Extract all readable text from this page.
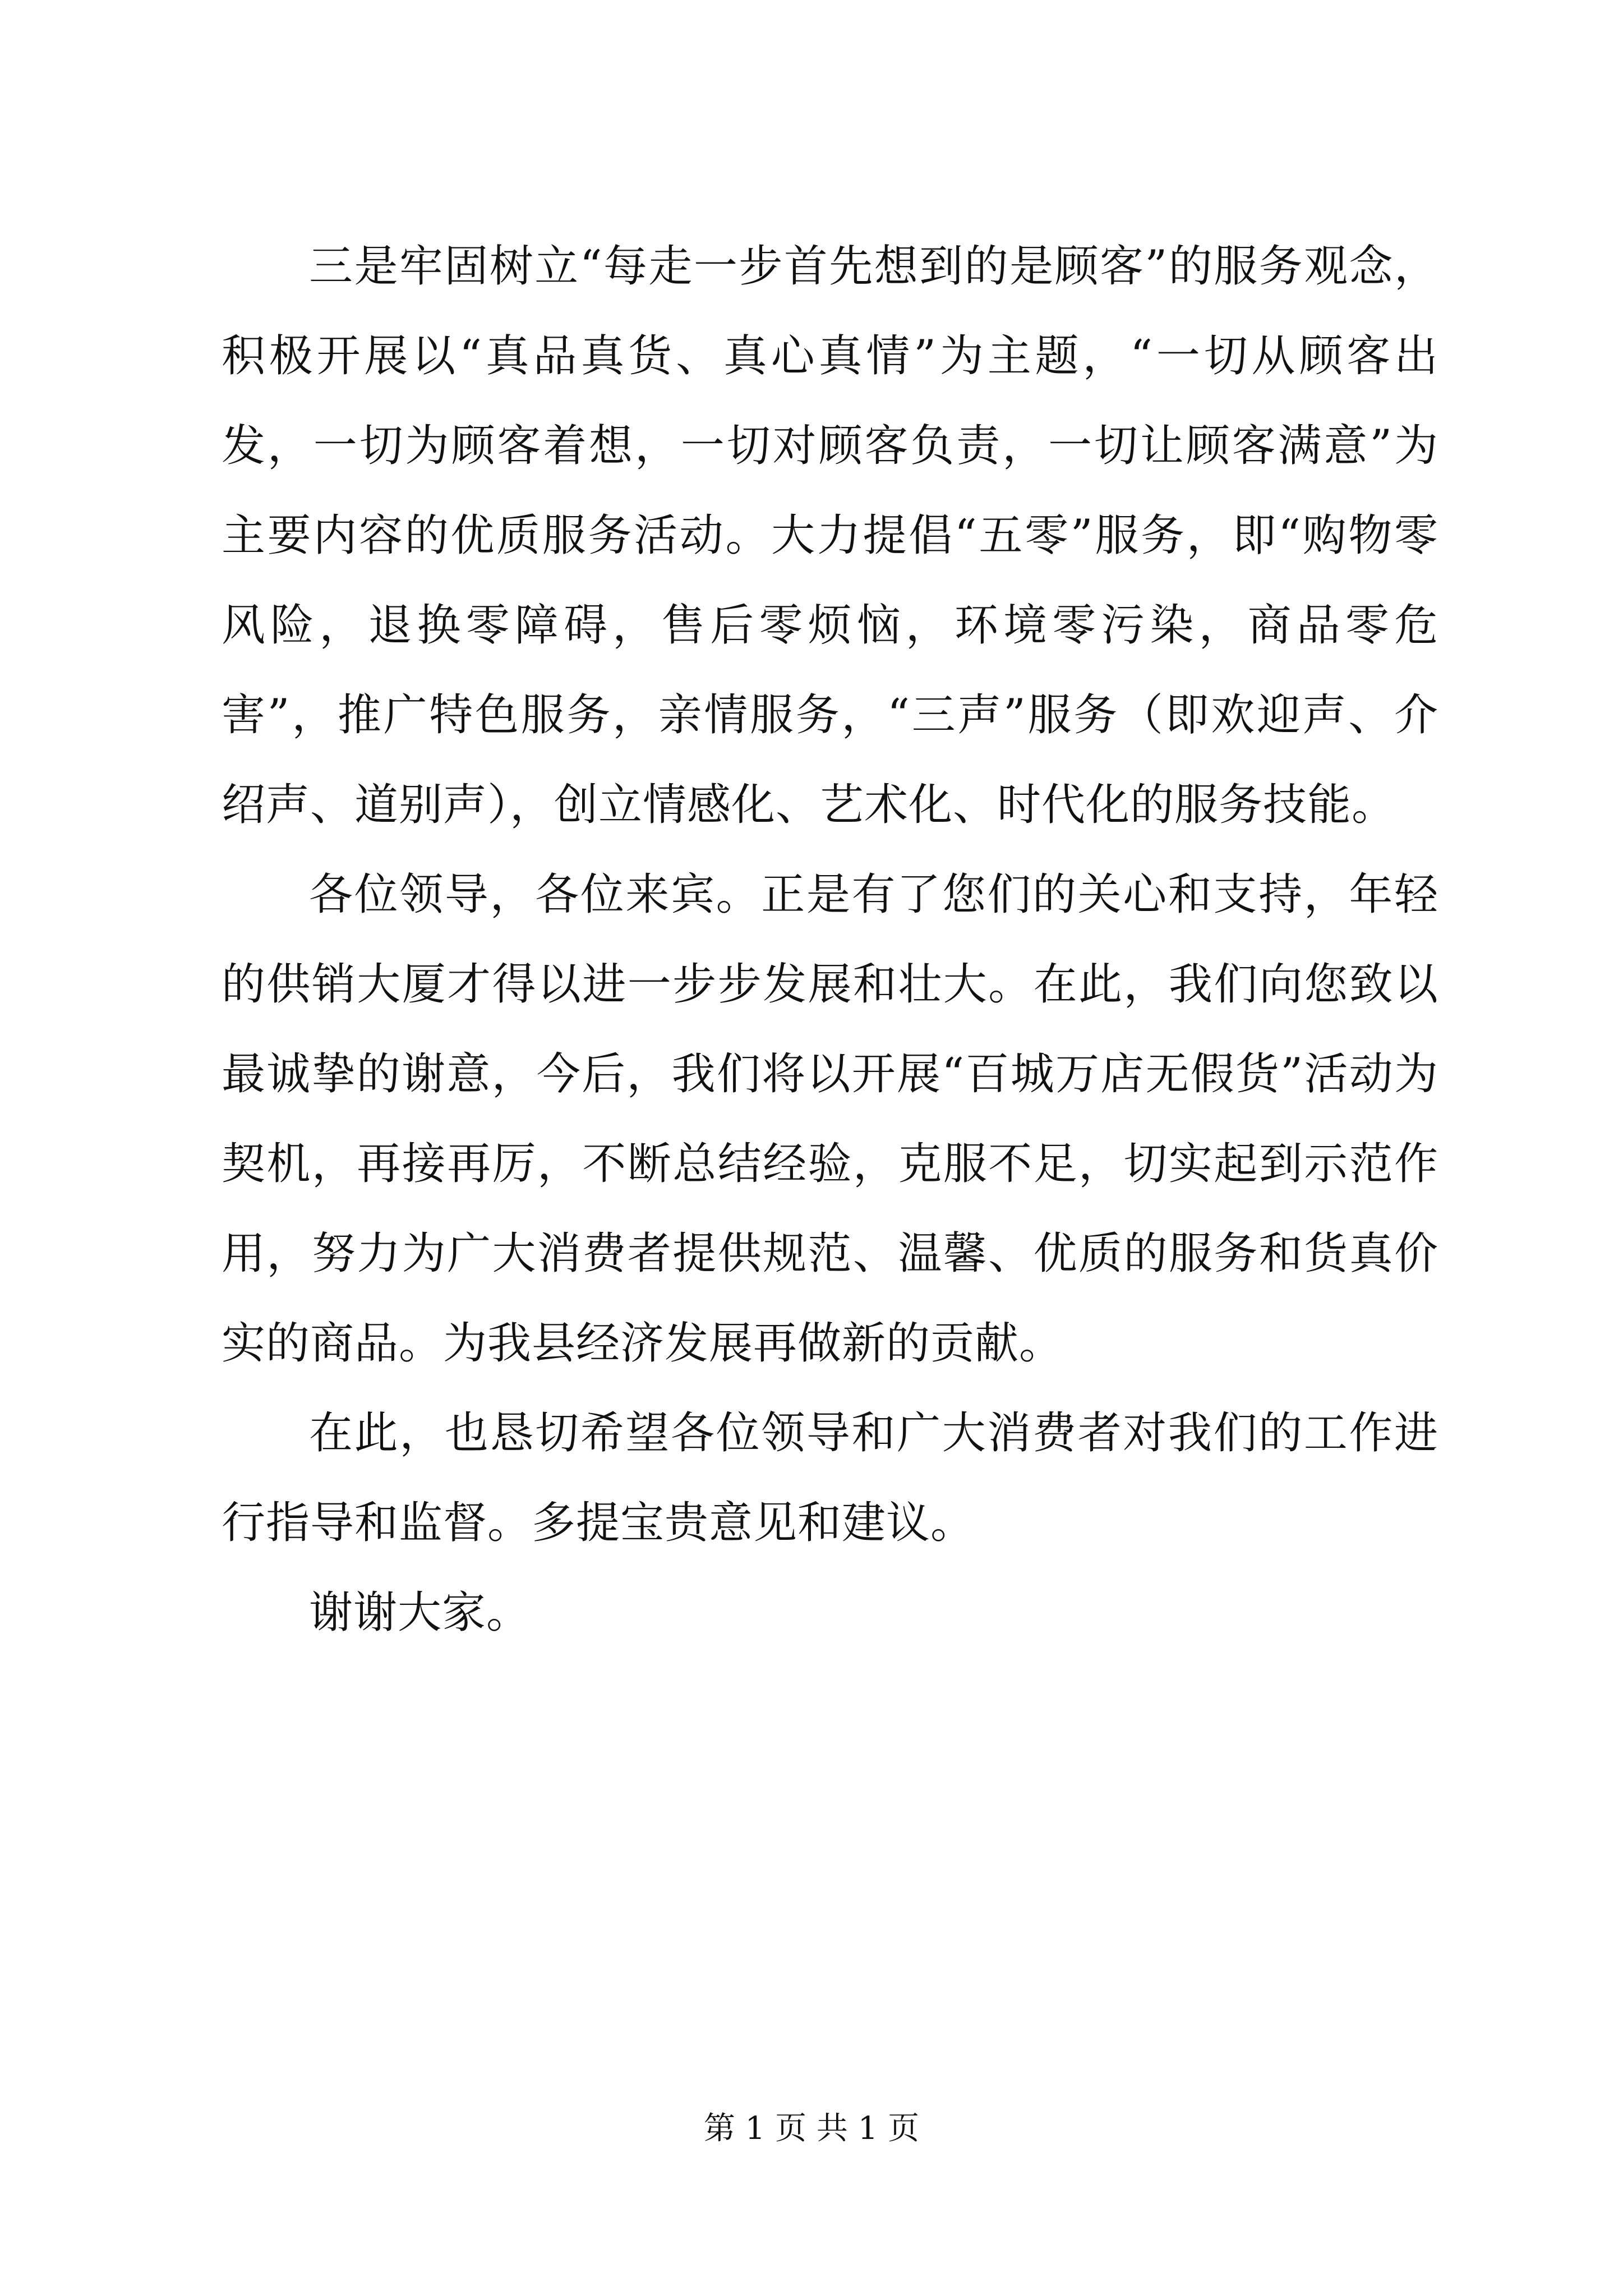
三是牢固树立“每走一步首先想到的是顾客”的服务观念，积极开展以“真品真货、真心真情”为主题，“一切从顾客出发，一切为顾客着想，一切对顾客负责，一切让顾客满意”为主要内容的优质服务活动。大力提倡“五零”服务，即“购物零风险，退换零障碍，售后零烦恼，环境零污染，商品零危害”，推广特色服务，亲情服务，“三声”服务（即欢迎声、介绍声、道别声），创立情感化、艺术化、时代化的服务技能。

各位领导，各位来宾。正是有了您们的关心和支持，年轻的供销大厦才得以进一步步发展和壮大。在此，我们向您致以最诚挚的谢意，今后，我们将以开展“百城万店无假货”活动为契机，再接再厉，不断总结经验，克服不足，切实起到示范作用，努力为广大消费者提供规范、温馨、优质的服务和货真价实的商品。为我县经济发展再做新的贡献。

在此，也恳切希望各位领导和广大消费者对我们的工作进行指导和监督。多提宝贵意见和建议。

谢谢大家。

第 1 页 共 1 页
